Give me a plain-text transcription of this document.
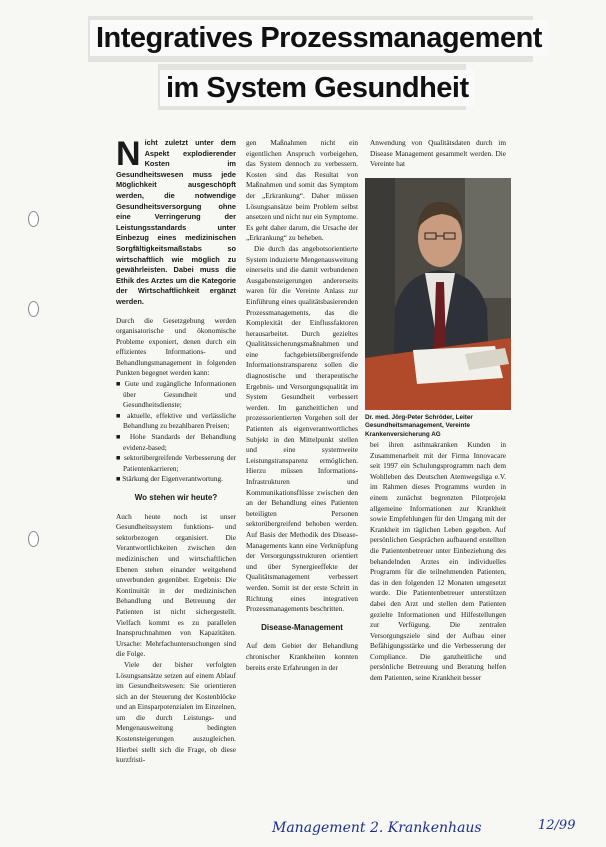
Integratives Prozessmanagement
im System Gesundheit

Nicht zuletzt unter dem Aspekt explodierender Kosten im Gesundheitswesen muss jede Möglichkeit ausgeschöpft werden, die notwendige Gesundheitsversorgung ohne eine Verringerung der Leistungsstandards unter Einbezug eines medizinischen Sorgfältigkeitsmaßstabs so wirtschaftlich wie möglich zu gewährleisten. Dabei muss die Ethik des Arztes um die Kategorie der Wirtschaftlichkeit ergänzt werden.

Durch die Gesetzgebung werden organisatorische und ökonomische Probleme exponiert, denen durch ein effizientes Informations- und Behandlungsmanagement in folgenden Punkten begegnet werden kann:

■ Gute und zugängliche Informationen über Gesundheit und Gesundheitsdienste;

■ aktuelle, effektive und verlässliche Behandlung zu bezahlbaren Preisen;

■ Hohe Standards der Behandlung evidenz-based;

■ sektorübergreifende Verbesserung der Patientenkarrieren;

■ Stärkung der Eigenverantwortung.

Wo stehen wir heute?

Auch heute noch ist unser Gesundheitssystem funktions- und sektorbezogen organisiert. Die Verantwortlichkeiten zwischen den medizinischen und wirtschaftlichen Ebenen stehen einander weitgehend unverbunden gegenüber. Ergebnis: Die Kontinuität in der medizinischen Behandlung und Betreuung der Patienten ist nicht sichergestellt. Vielfach kommt es zu parallelen Inanspruchnahmen von Kapazitäten. Ursache: Mehrfachuntersuchungen sind die Folge.

Viele der bisher verfolgten Lösungsansätze setzen auf einem Ablauf im Gesundheitswesen: Sie orientieren sich an der Steuerung der Kostenblöcke und an Einsparpotenzialen im Einzelnen, um die durch Leistungs- und Mengenausweitung bedingten Kostensteigerungen auszugleichen. Hierbei stellt sich die Frage, ob diese kurzfristi-

gen Maßnahmen nicht ein eigentlichen Anspruch vorbeigehen, das System dennoch zu verbessern. Kosten sind das Resultat von Maßnahmen und somit das Symptom der „Erkrankung“. Daher müssen Lösungsansätze beim Problem selbst ansetzen und nicht nur ein Symptome. Es geht daher darum, die Ursache der „Erkrankung“ zu beheben.

Die durch das angebotsorientierte System induzierte Mengenausweitung einerseits und die damit verbundenen Ausgabensteigerungen andererseits waren für die Vereinte Anlass zur Einführung eines qualitätsbasierenden Prozessmanagements, das die Komplexität der Einflussfaktoren herausarbeitet. Durch gezieltes Qualitätssicherungsmaßnahmen und eine fachgebietsübergreifende Informationstransparenz sollen die diagnostische und therapeutische Ergebnis- und Versorgungsqualität im System Gesundheit verbessert werden. Im ganzheitlichen und prozessorientierten Vorgehen soll der Patienten als eigenverantwortliches Subjekt in den Mittelpunkt stellen und eine systemweite Leistungstransparenz ermöglichen. Hierzu müssen Informations-Infrastrukturen und Kommunikationsflüsse zwischen den an der Behandlung eines Patienten beteiligten Personen sektorübergreifend behoben werden. Auf Basis der Methodik des Disease-Managements kann eine Verknüpfung der Versorgungsstrukturen orientiert und über Synergieeffekte der Qualitätsmanagement verbessert werden. Somit ist der erste Schritt in Richtung eines integrativen Prozessmanagements beschritten.

Disease-Management

Auf dem Gebiet der Behandlung chronischer Krankheiten konnten bereits erste Erfahrungen in der

Anwendung von Qualitätsdaten durch im Disease Management gesammelt werden. Die Vereinte hat

Dr. med. Jörg-Peter Schröder, Leiter Gesundheitsmanagement, Vereinte Krankenversicherung AG

bei ihren asthmakranken Kunden in Zusammenarbeit mit der Firma Innovacare seit 1997 ein Schulungsprogramm nach dem Wohlleben des Deutschen Atemwegsliga e.V. im Rahmen dieses Programms wurden in einem zunächst begrenzten Pilotprojekt allgemeine Informationen zur Krankheit sowie Empfehlungen für den Umgang mit der Krankheit im täglichen Leben gegeben. Auf persönlichen Gesprächen aufbauend erstellten die Patientenbetreuer unter Einbeziehung des behandelnden Arztes ein individuelles Programm für die teilnehmenden Patienten, das in den folgenden 12 Monaten umgesetzt wurde. Die Patientenbetreuer unterstützen dabei den Arzt und stellen dem Patienten gezielte Informationen und Hilfestellungen zur Verfügung. Die zentralen Versorgungsziele sind der Aufbau einer Befähigungsstärke und die Verbesserung der Compliance. Die ganzheitliche und persönliche Betreuung und Beratung helfen dem Patienten, seine Krankheit besser

Management 2. Krankenhaus	12/99
